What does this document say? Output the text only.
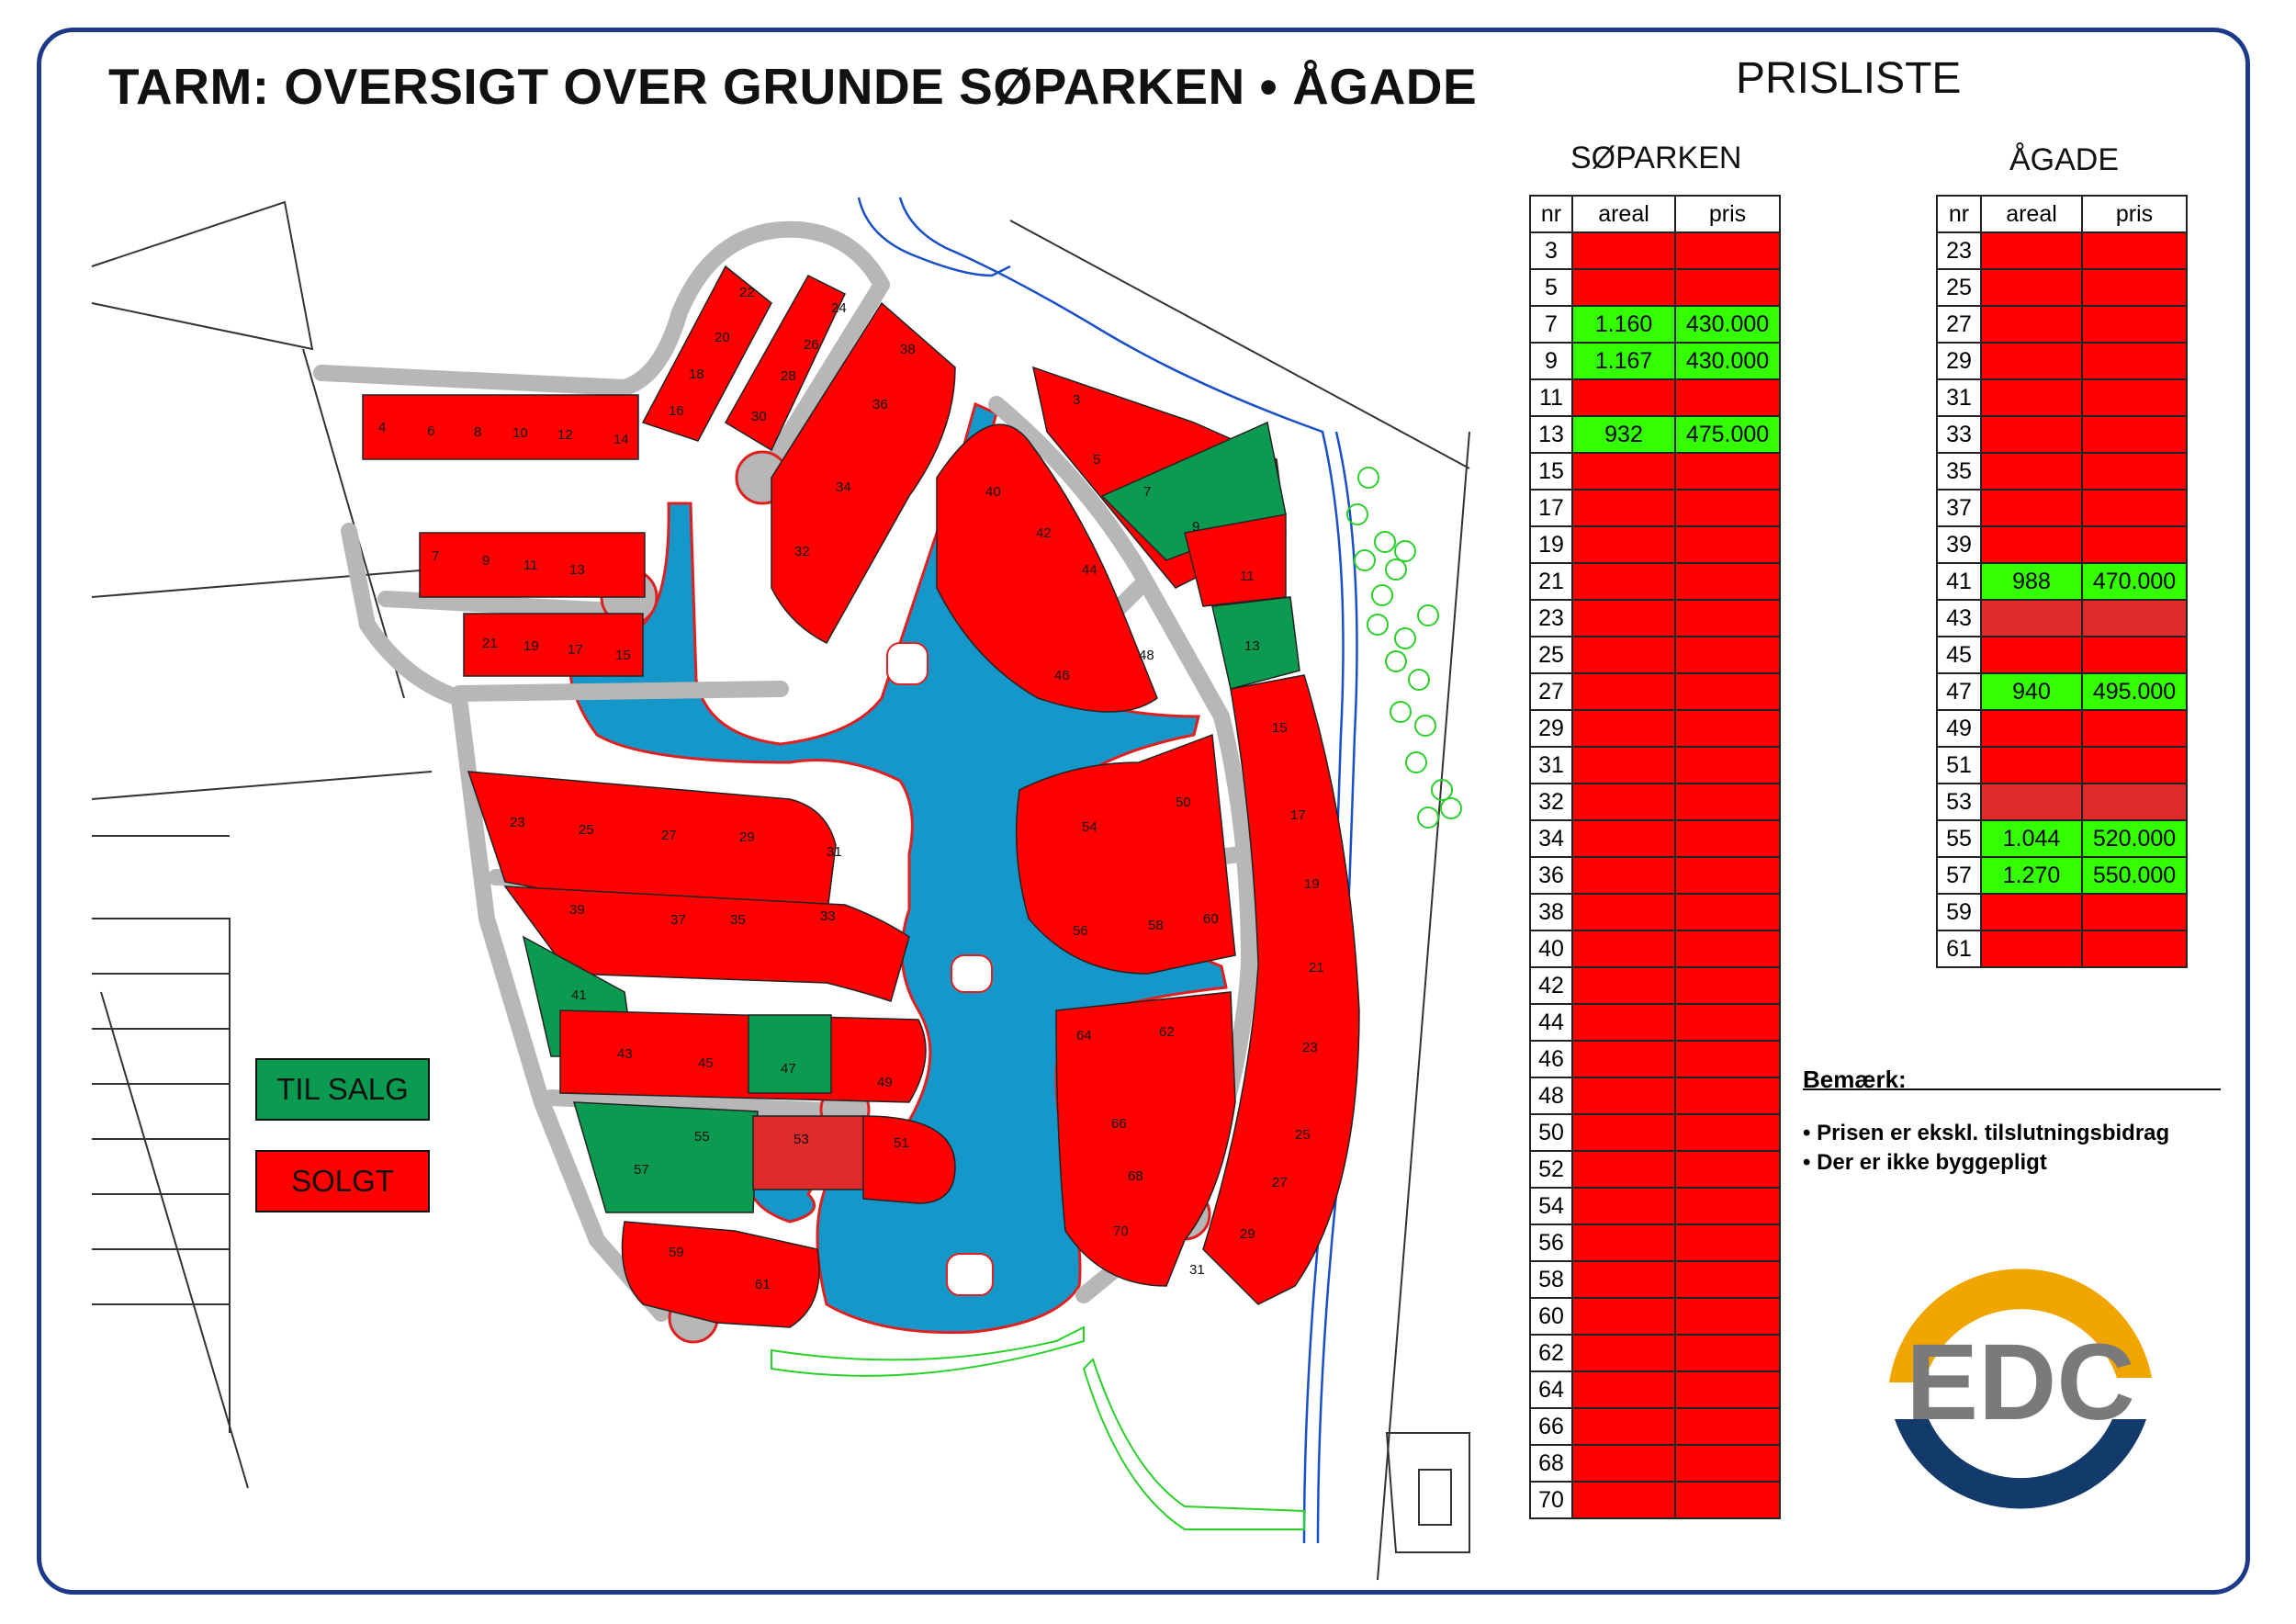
TARM: OVERSIGT OVER GRUNDE SØPARKEN • ÅGADE	PRISLISTE
SØPARKEN	ÅGADE
nr	areal	pris
3		
5		
7	1.160	430.000
9	1.167	430.000
11		
13	932	475.000
15		
17		
19		
21		
23		
25		
27		
29		
31		
32		
34		
36		
38		
40		
42		
44		
46		
48		
50		
52		
54		
56		
58		
60		
62		
64		
66		
68		
70		
nr	areal	pris
23		
25		
27		
29		
31		
33		
35		
37		
39		
41	988	470.000
43		
45		
47	940	495.000
49		
51		
53		
55	1.044	520.000
57	1.270	550.000
59		
61		
Bemærk:
• Prisen er ekskl. tilslutningsbidrag
• Der er ikke byggepligt
TIL SALG
SOLGT
4	6	8 10 12	14
7	9 11 13
21 19 17 15
22
20
18
16
24
26
28
30
38
36
34
32
23	25	27	29
31
39
37	35	33
41
43
45	47
49
55	53	51
57
59
61
40
42
44
46
48
54
50
56	58	60
64	62
66
68
70
3
5
7
9
11
13
15
17
19
21
23
25
27
29
31
EDC
